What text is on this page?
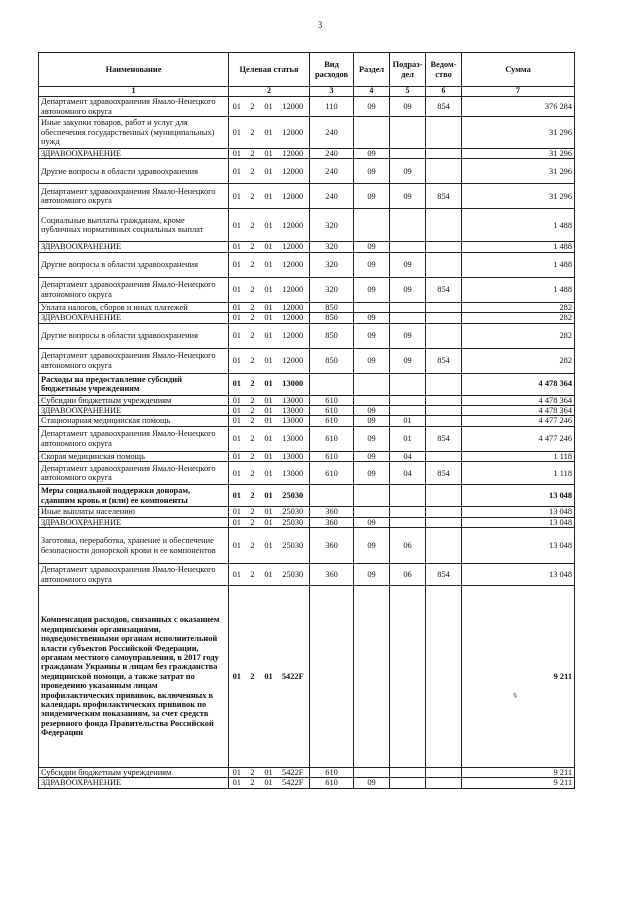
3
Наименование	Целевая статья				Вид расходов	Раздел	Подраз-дел	Ведом-ство	Сумма
1	2				3	4	5	6	7
Департамент здравоохранения Ямало-Ненецкого автономного округа	01	2	01	12000	110	09	09	854	376 284
Иные закупки товаров, работ и услуг для обеспечения государственных (муниципальных) нужд	01	2	01	12000	240				31 296
ЗДРАВООХРАНЕНИЕ	01	2	01	12000	240	09			31 296
Другие вопросы в области здравоохранения	01	2	01	12000	240	09	09		31 296
Департамент здравоохранения Ямало-Ненецкого автономного округа	01	2	01	12000	240	09	09	854	31 296
Социальные выплаты гражданам, кроме публичных нормативных социальных выплат	01	2	01	12000	320				1 488
ЗДРАВООХРАНЕНИЕ	01	2	01	12000	320	09			1 488
Другие вопросы в области здравоохранения	01	2	01	12000	320	09	09		1 488
Департамент здравоохранения Ямало-Ненецкого автономного округа	01	2	01	12000	320	09	09	854	1 488
Уплата налогов, сборов и иных платежей	01	2	01	12000	850				282
ЗДРАВООХРАНЕНИЕ	01	2	01	12000	850	09			282
Другие вопросы в области здравоохранения	01	2	01	12000	850	09	09		282
Департамент здравоохранения Ямало-Ненецкого автономного округа	01	2	01	12000	850	09	09	854	282
Расходы на предоставление субсидий бюджетным учреждениям	01	2	01	13000					4 478 364
Субсидии бюджетным учреждениям	01	2	01	13000	610				4 478 364
ЗДРАВООХРАНЕНИЕ	01	2	01	13000	610	09			4 478 364
Стационарная медицинская помощь	01	2	01	13000	610	09	01		4 477 246
Департамент здравоохранения Ямало-Ненецкого автономного округа	01	2	01	13000	610	09	01	854	4 477 246
Скорая медицинская помощь	01	2	01	13000	610	09	04		1 118
Департамент здравоохранения Ямало-Ненецкого автономного округа	01	2	01	13000	610	09	04	854	1 118
Меры социальной поддержки донорам, сдавшим кровь и (или) ее компоненты	01	2	01	25030					13 048
Иные выплаты населению	01	2	01	25030	360				13 048
ЗДРАВООХРАНЕНИЕ	01	2	01	25030	360	09			13 048
Заготовка, переработка, хранение и обеспечение безопасности донорской крови и ее компонентов	01	2	01	25030	360	09	06		13 048
Департамент здравоохранения Ямало-Ненецкого автономного округа	01	2	01	25030	360	09	06	854	13 048
Компенсация расходов, связанных с оказанием медицинскими организациями, подведомственными органам исполнительной власти субъектов Российской Федерации, органам местного самоуправления, в 2017 году гражданам Украины и лицам без гражданства медицинской помощи, а также затрат по проведению указанным лицам профилактических прививок, включенных в календарь профилактических прививок по эпидемическим показаниям, за счет средств резервного фонда Правительства Российской Федерации	01	2	01	5422F					9 211
Субсидии бюджетным учреждениям	01	2	01	5422F	610				9 211
ЗДРАВООХРАНЕНИЕ	01	2	01	5422F	610	09			9 211
✎
